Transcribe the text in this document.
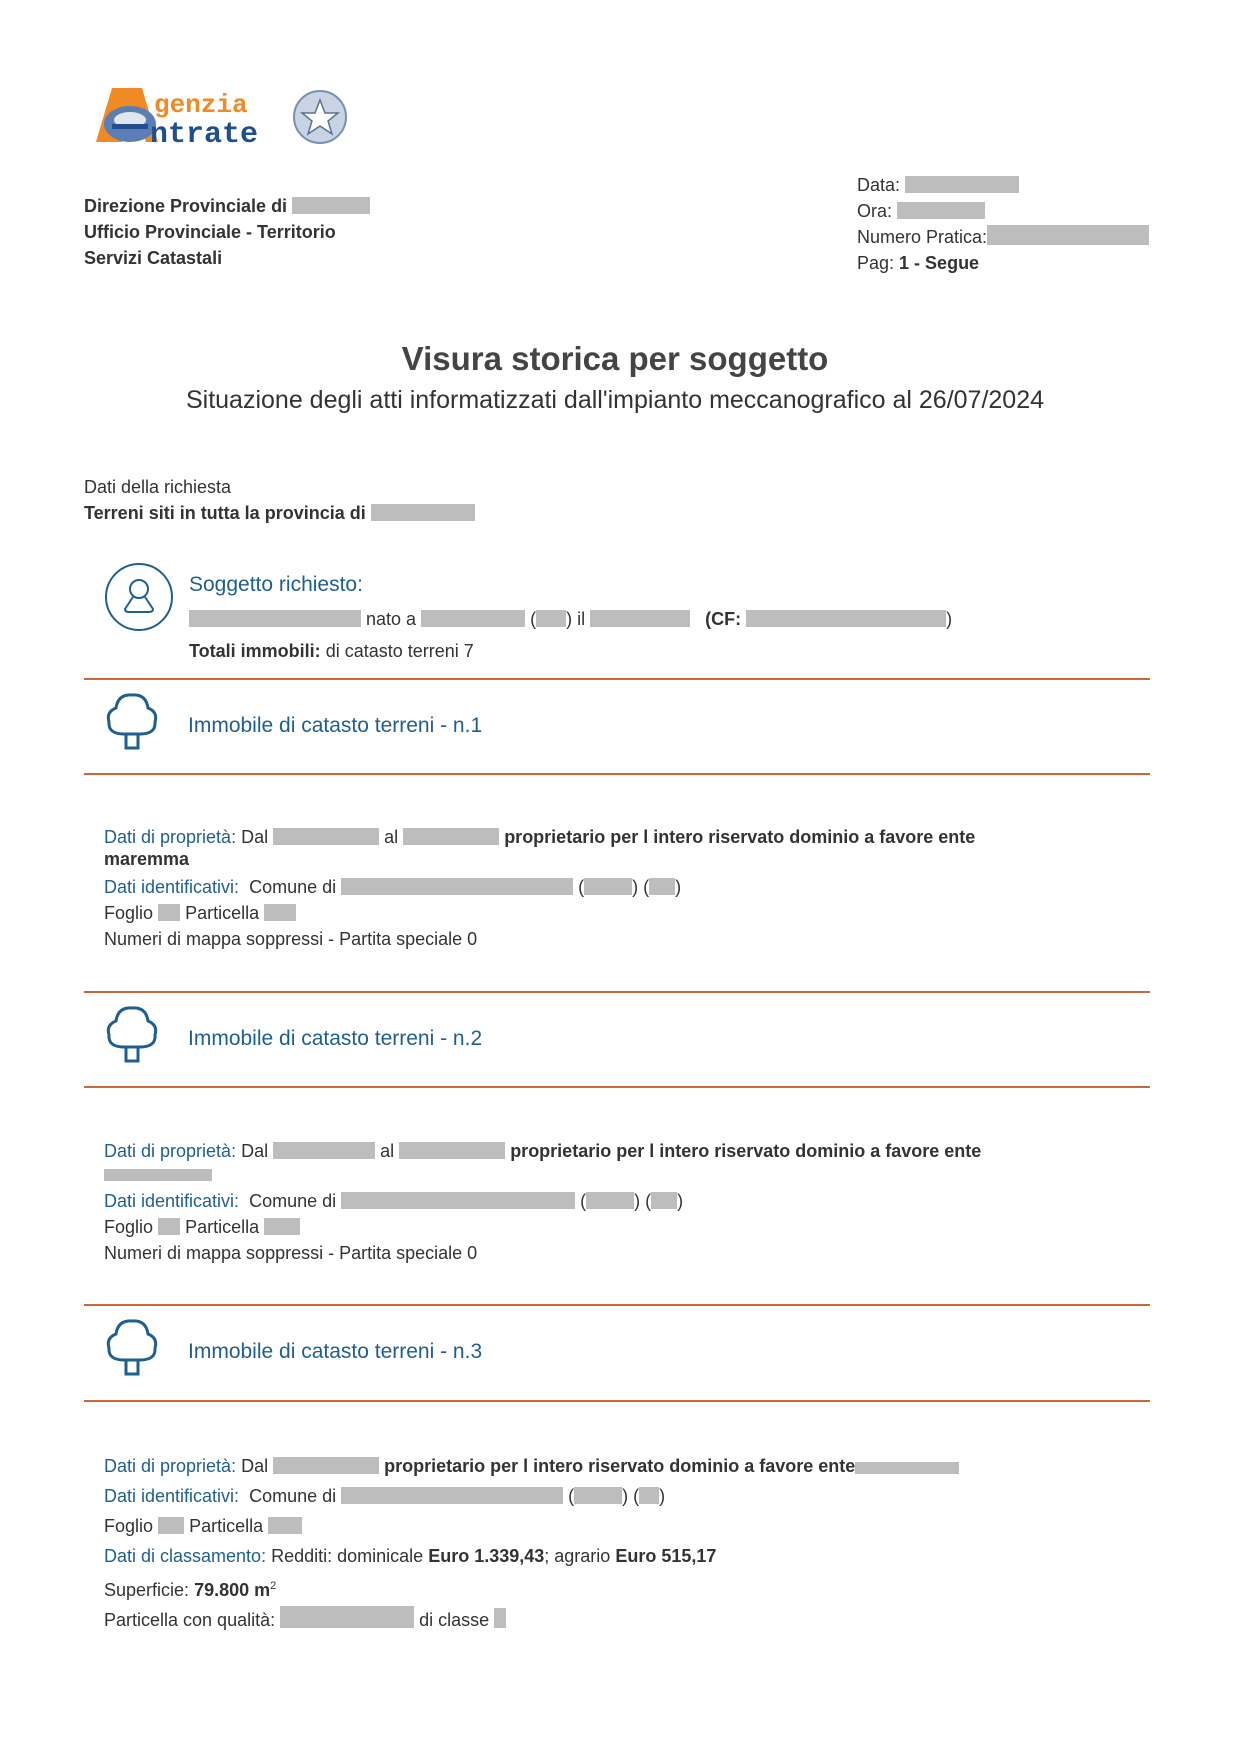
genzia
ntrate
Direzione Provinciale di
Ufficio Provinciale - Territorio
Servizi Catastali
Data:
Ora:
Numero Pratica:
Pag: 1 - Segue
Visura storica per soggetto
Situazione degli atti informatizzati dall'impianto meccanografico al 26/07/2024
Dati della richiesta
Terreni siti in tutta la provincia di
Soggetto richiesto:
nato a	( ) il	(CF:	)
Totali immobili: di catasto terreni 7
Immobile di catasto terreni - n.1
Dati di proprietà: Dal	al	proprietario per l intero riservato dominio a favore ente
maremma
Dati identificativi: Comune di	(	) ( )
Foglio Particella
Numeri di mappa soppressi - Partita speciale 0
Immobile di catasto terreni - n.2
Dati di proprietà: Dal	al	proprietario per l intero riservato dominio a favore ente
Dati identificativi: Comune di	(	) ( )
Foglio Particella
Numeri di mappa soppressi - Partita speciale 0
Immobile di catasto terreni - n.3
Dati di proprietà: Dal	proprietario per l intero riservato dominio a favore ente
Dati identificativi: Comune di	(	) ( )
Foglio Particella
Dati di classamento: Redditi: dominicale Euro 1.339,43; agrario Euro 515,17
Superficie: 79.800 $m^2$
Particella con qualità:	di classe
